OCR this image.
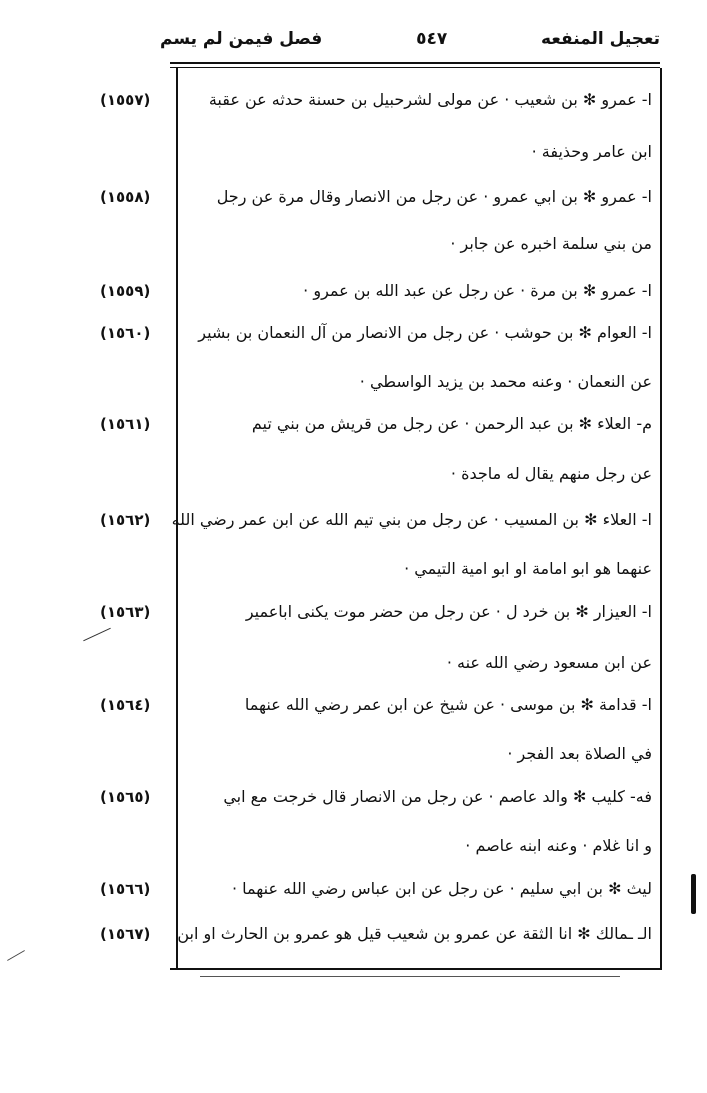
تعجيل المنفعه
٥٤٧
فصل فيمن لم يسم
(١٥٥٧)	ا- عمرو ✻ بن شعيب · عن مولى لشرحبيل بن حسنة حدثه عن عقبة
ابن عامر وحذيفة ·
(١٥٥٨)	ا- عمرو ✻ بن ابي عمرو · عن رجل من الانصار وقال مرة عن رجل
من بني سلمة اخبره عن جابر ·
(١٥٥٩)	ا- عمرو ✻ بن مرة · عن رجل عن عبد الله بن عمرو ·
(١٥٦٠)	ا- العوام ✻ بن حوشب · عن رجل من الانصار من آل النعمان بن بشير
عن النعمان · وعنه محمد بن يزيد الواسطي ·
(١٥٦١)	م- العلاء ✻ بن عبد الرحمن · عن رجل من قريش من بني تيم
عن رجل منهم يقال له ماجدة ·
(١٥٦٢)	ا- العلاء ✻ بن المسيب · عن رجل من بني تيم الله عن ابن عمر رضي الله
عنهما هو ابو امامة او ابو امية التيمي ·
(١٥٦٣)	ا- العيزار ✻ بن خرد ل · عن رجل من حضر موت يكنى اباعمير
عن ابن مسعود رضي الله عنه ·
(١٥٦٤)	ا- قدامة ✻ بن موسى · عن شيخ عن ابن عمر رضي الله عنهما
في الصلاة بعد الفجر ·
(١٥٦٥)	فه- كليب ✻ والد عاصم · عن رجل من الانصار قال خرجت مع ابي
و انا غلام · وعنه ابنه عاصم ·
(١٥٦٦)	ليث ✻ بن ابي سليم · عن رجل عن ابن عباس رضي الله عنهما ·
(١٥٦٧)	الـ ـمالك ✻ انا الثقة عن عمرو بن شعيب قيل هو عمرو بن الحارث او ابن
